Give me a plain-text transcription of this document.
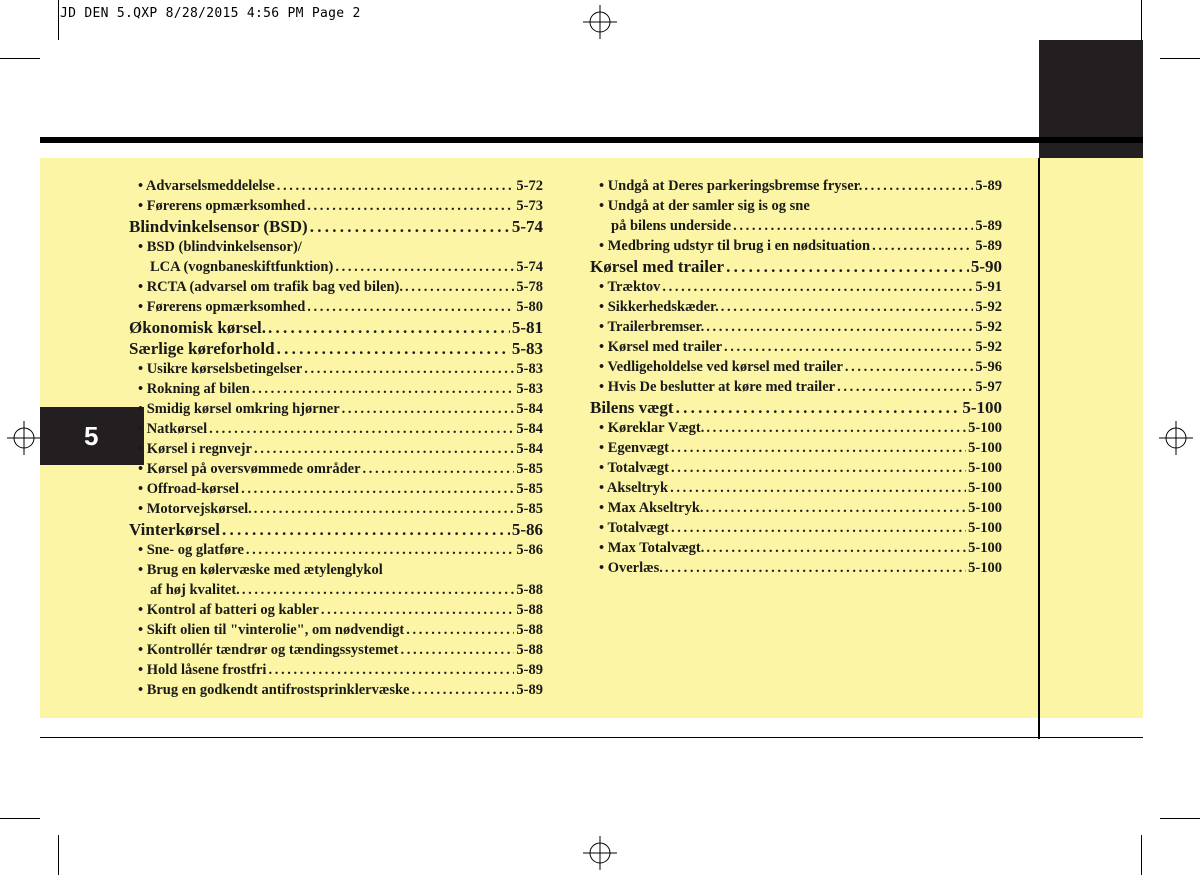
JD DEN 5.QXP 8/28/2015 4:56 PM Page 2
5
• Advarselsmeddelelse . . .	5-72
• Førerens opmærksomhed . . .	5-73
Blindvinkelsensor (BSD) . . .	5-74
• BSD (blindvinkelsensor)/
LCA (vognbaneskiftfunktion) . . .	5-74
• RCTA (advarsel om trafik bag ved bilen). . . .	5-78
• Førerens opmærksomhed . . .	5-80
Økonomisk kørsel. . . .	5-81
Særlige køreforhold . . .	5-83
• Usikre kørselsbetingelser . . .	5-83
• Rokning af bilen . . .	5-83
• Smidig kørsel omkring hjørner . . .	5-84
• Natkørsel . . .	5-84
• Kørsel i regnvejr . . .	5-84
• Kørsel på oversvømmede områder . . .	5-85
• Offroad-kørsel . . .	5-85
• Motorvejskørsel. . . .	5-85
Vinterkørsel . . .	5-86
• Sne- og glatføre . . .	5-86
• Brug en kølervæske med ætylenglykol
af høj kvalitet. . . .	5-88
• Kontrol af batteri og kabler . . .	5-88
• Skift olien til "vinterolie", om nødvendigt . . .	5-88
• Kontrollér tændrør og tændingssystemet . . .	5-88
• Hold låsene frostfri . . .	5-89
• Brug en godkendt antifrostsprinklervæske . . .	5-89
• Undgå at Deres parkeringsbremse fryser. . . .	5-89
• Undgå at der samler sig is og sne
på bilens underside . . .	5-89
• Medbring udstyr til brug i en nødsituation . . .	5-89
Kørsel med trailer . . .	5-90
• Træktov . . .	5-91
• Sikkerhedskæder. . . .	5-92
• Trailerbremser. . . .	5-92
• Kørsel med trailer . . .	5-92
• Vedligeholdelse ved kørsel med trailer . . .	5-96
• Hvis De beslutter at køre med trailer . . .	5-97
Bilens vægt . . .	5-100
• Køreklar Vægt. . . .	5-100
• Egenvægt . . .	5-100
• Totalvægt . . .	5-100
• Akseltryk . . .	5-100
• Max Akseltryk. . . .	5-100
• Totalvægt . . .	5-100
• Max Totalvægt. . . .	5-100
• Overlæs. . . .	5-100
